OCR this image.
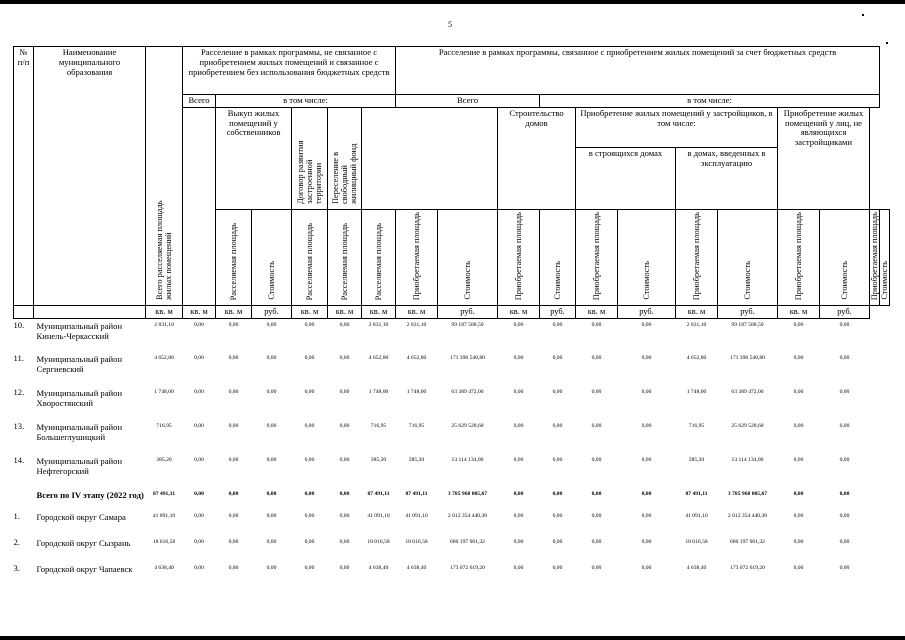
5
№ п/п	Наименование муниципального образования	Всего расселяемая площадь жилых помещений	Расселение в рамках программы, не связанное с приобретением жилых помещений и связанное с приобретением без использования бюджетных средств						Расселение в рамках программы, связанное с приобретением жилых помещений за счет бюджетных средств											
			Всего	в том числе:					Всего			в том числе:								
				Выкуп жилых помещений у собственников		Договор развития застроенной территории	Переселение в свободный жилищный фонд				Строительство домов		Приобретение жилых помещений у застройщиков, в том числе:				Приобретение жилых помещений у лиц, не являющихся застройщиками			
													в строящихся домах		в домах, введенных в эксплуатацию					
				Расселяемая площадь	Стоимость	Расселяемая площадь	Расселяемая площадь	Расселяемая площадь	Приобретаемая площадь	Стоимость	Приобретаемая площадь	Стоимость	Приобретаемая площадь	Стоимость	Приобретаемая площадь	Стоимость	Приобретаемая площадь	Стоимость	Приобретаемая площадь	Стоимость
		кв. м	кв. м	кв. м	руб.	кв. м	кв. м	кв. м	кв. м	руб.	кв. м	руб.	кв. м	руб.	кв. м	руб.	кв. м	руб.		
10.	Муниципальный район Кинель-Черкасский	2 831,10	0,00	0,00	0,00	0,00	0,00	2 831,10	2 831,10	99 187 588,50	0,00	0,00	0,00	0,00	2 831,10	99 187 588,50	0,00	0,00		
11.	Муниципальный район Сергиевский	4 652,80	0,00	0,00	0,00	0,00	0,00	4 652,80	4 652,80	171 390 540,80	0,00	0,00	0,00	0,00	4 652,80	171 390 540,80	0,00	0,00		
12.	Муниципальный район Хворостянский	1 748,00	0,00	0,00	0,00	0,00	0,00	1 748,00	1 748,00	63 389 472,00	0,00	0,00	0,00	0,00	1 748,00	63 389 472,00	0,00	0,00		
13.	Муниципальный район Большеглушицкий	716,95	0,00	0,00	0,00	0,00	0,00	716,95	716,95	25 629 528,60	0,00	0,00	0,00	0,00	716,95	25 629 528,60	0,00	0,00		
14.	Муниципальный район Нефтегорский	385,20	0,00	0,00	0,00	0,00	0,00	385,20	385,20	13 114 134,00	0,00	0,00	0,00	0,00	385,20	13 114 134,00	0,00	0,00		
	Всего по IV этапу (2022 год)	87 491,11	0,00	0,00	0,00	0,00	0,00	87 491,11	87 491,11	3 785 968 005,67	0,00	0,00	0,00	0,00	87 491,11	3 785 968 005,67	0,00	0,00		
1.	Городской округ Самара	41 091,10	0,00	0,00	0,00	0,00	0,00	41 091,10	41 091,10	2 012 354 440,30	0,00	0,00	0,00	0,00	41 091,10	2 012 354 440,30	0,00	0,00		
2.	Городской округ Сызрань	18 016,58	0,00	0,00	0,00	0,00	0,00	18 016,58	18 016,58	680 197 961,32	0,00	0,00	0,00	0,00	18 016,58	680 197 961,32	0,00	0,00		
3.	Городской округ Чапаевск	4 638,40	0,00	0,00	0,00	0,00	0,00	4 638,40	4 638,40	173 072 619,20	0,00	0,00	0,00	0,00	4 638,40	173 072 619,20	0,00	0,00		
